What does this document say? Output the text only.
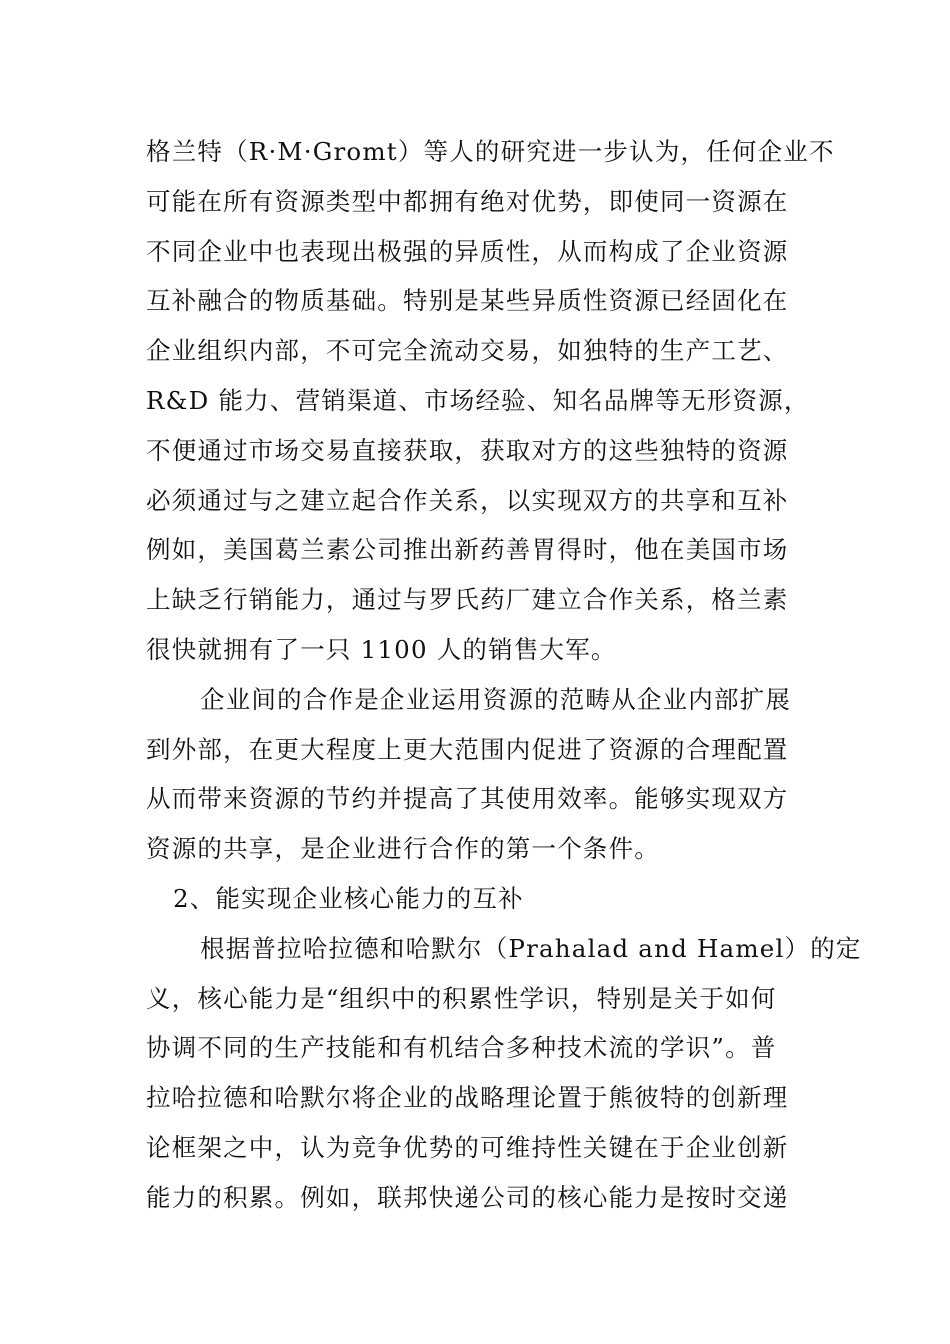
格兰特（R·M·Gromt）等人的研究进一步认为，任何企业不
可能在所有资源类型中都拥有绝对优势，即使同一资源在
不同企业中也表现出极强的异质性，从而构成了企业资源
互补融合的物质基础。特别是某些异质性资源已经固化在
企业组织内部，不可完全流动交易，如独特的生产工艺、
R&D 能力、营销渠道、市场经验、知名品牌等无形资源，
不便通过市场交易直接获取，获取对方的这些独特的资源
必须通过与之建立起合作关系，以实现双方的共享和互补
例如，美国葛兰素公司推出新药善胃得时，他在美国市场
上缺乏行销能力，通过与罗氏药厂建立合作关系，格兰素
很快就拥有了一只 1100 人的销售大军。
企业间的合作是企业运用资源的范畴从企业内部扩展
到外部，在更大程度上更大范围内促进了资源的合理配置
从而带来资源的节约并提高了其使用效率。能够实现双方
资源的共享，是企业进行合作的第一个条件。
2、能实现企业核心能力的互补
根据普拉哈拉德和哈默尔（Prahalad and Hamel）的定
义，核心能力是“组织中的积累性学识，特别是关于如何
协调不同的生产技能和有机结合多种技术流的学识”。普
拉哈拉德和哈默尔将企业的战略理论置于熊彼特的创新理
论框架之中，认为竞争优势的可维持性关键在于企业创新
能力的积累。例如，联邦快递公司的核心能力是按时交递
